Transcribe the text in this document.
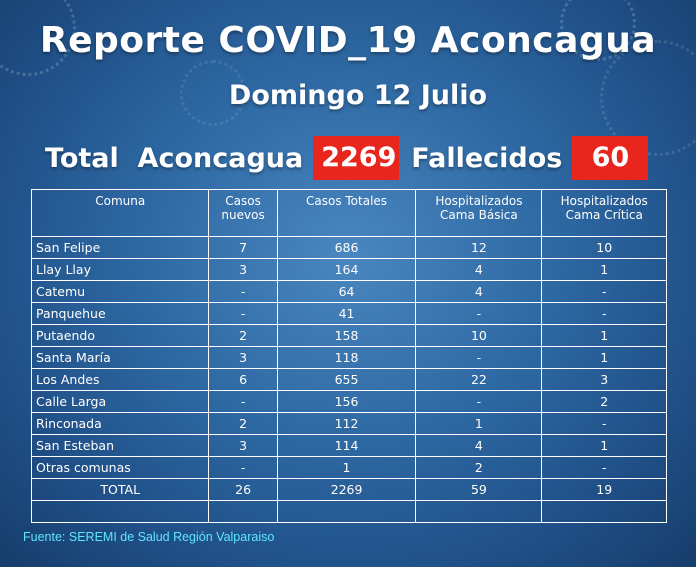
Reporte COVID_19 Aconcagua
Domingo 12 Julio
Total  Aconcagua 2269 Fallecidos	60
Comuna	Casos nuevos	Casos Totales	Hospitalizados Cama Básica	Hospitalizados Cama Crítica
San Felipe	7	686	12	10
Llay Llay	3	164	4	1
Catemu	-	64	4	-
Panquehue	-	41	-	-
Putaendo	2	158	10	1
Santa María	3	118	-	1
Los Andes	6	655	22	3
Calle Larga	-	156	-	2
Rinconada	2	112	1	-
San Esteban	3	114	4	1
Otras comunas	-	1	2	-
TOTAL	26	2269	59	19

Fuente: SEREMI de Salud Región Valparaiso
